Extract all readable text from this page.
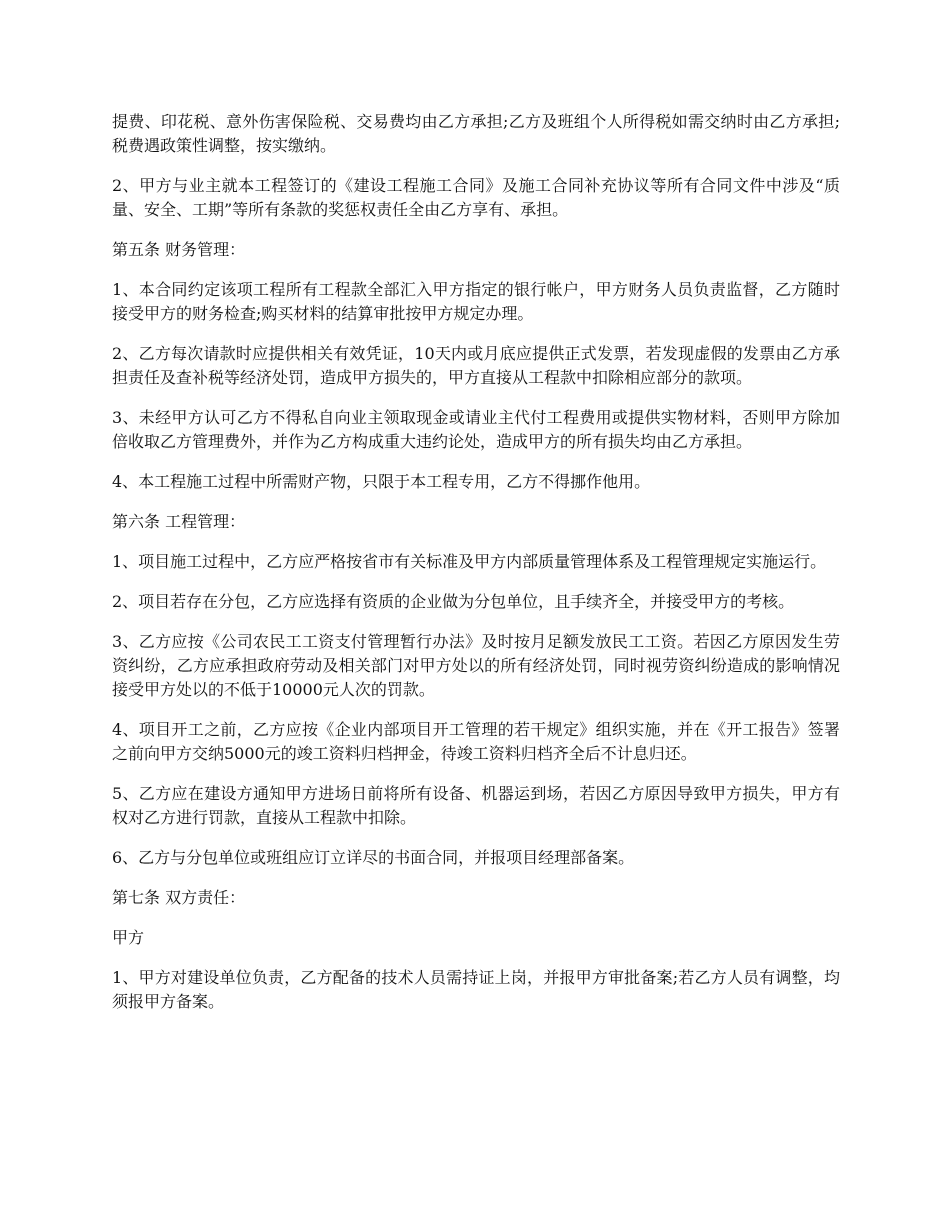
提费、印花税、意外伤害保险税、交易费均由乙方承担;乙方及班组个人所得税如需交纳时由乙方承担;税费遇政策性调整，按实缴纳。

2、甲方与业主就本工程签订的《建设工程施工合同》及施工合同补充协议等所有合同文件中涉及“质量、安全、工期”等所有条款的奖惩权责任全由乙方享有、承担。

第五条 财务管理：

1、本合同约定该项工程所有工程款全部汇入甲方指定的银行帐户，甲方财务人员负责监督，乙方随时接受甲方的财务检查;购买材料的结算审批按甲方规定办理。

2、乙方每次请款时应提供相关有效凭证，10天内或月底应提供正式发票，若发现虚假的发票由乙方承担责任及查补税等经济处罚，造成甲方损失的，甲方直接从工程款中扣除相应部分的款项。

3、未经甲方认可乙方不得私自向业主领取现金或请业主代付工程费用或提供实物材料，否则甲方除加倍收取乙方管理费外，并作为乙方构成重大违约论处，造成甲方的所有损失均由乙方承担。

4、本工程施工过程中所需财产物，只限于本工程专用，乙方不得挪作他用。

第六条 工程管理：

1、项目施工过程中，乙方应严格按省市有关标准及甲方内部质量管理体系及工程管理规定实施运行。

2、项目若存在分包，乙方应选择有资质的企业做为分包单位，且手续齐全，并接受甲方的考核。

3、乙方应按《公司农民工工资支付管理暂行办法》及时按月足额发放民工工资。若因乙方原因发生劳资纠纷，乙方应承担政府劳动及相关部门对甲方处以的所有经济处罚，同时视劳资纠纷造成的影响情况接受甲方处以的不低于10000元人次的罚款。

4、项目开工之前，乙方应按《企业内部项目开工管理的若干规定》组织实施，并在《开工报告》签署之前向甲方交纳5000元的竣工资料归档押金，待竣工资料归档齐全后不计息归还。

5、乙方应在建设方通知甲方进场日前将所有设备、机器运到场，若因乙方原因导致甲方损失，甲方有权对乙方进行罚款，直接从工程款中扣除。

6、乙方与分包单位或班组应订立详尽的书面合同，并报项目经理部备案。

第七条 双方责任：

甲方

1、甲方对建设单位负责，乙方配备的技术人员需持证上岗，并报甲方审批备案;若乙方人员有调整，均须报甲方备案。
